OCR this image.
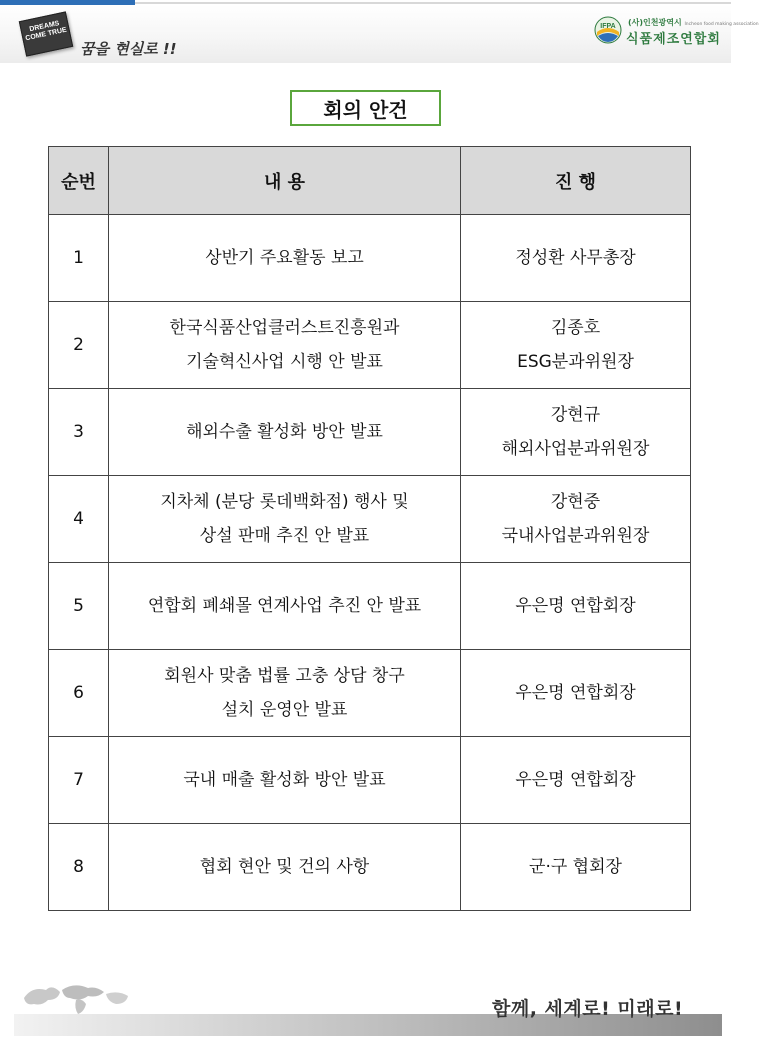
DREAMS COME TRUE
꿈을 현실로 !!
IFPA (사)인천광역시 Incheon food making association
식품제조연합회
회의 안건
순번	내 용	진 행
1	상반기 주요활동 보고	정성환 사무총장

2	한국식품산업클러스트진흥원과
기술혁신사업 시행 안 발표	김종호
ESG분과위원장

3	해외수출 활성화 방안 발표	강현규
해외사업분과위원장

4	지차체 (분당 롯데백화점) 행사 및
상설 판매 추진 안 발표	강현중
국내사업분과위원장

5	연합회 폐쇄몰 연계사업 추진 안 발표	우은명 연합회장

6	회원사 맞춤 법률 고충 상담 창구
설치 운영안 발표	우은명 연합회장

7	국내 매출 활성화 방안 발표	우은명 연합회장

8	협회 현안 및 건의 사항	군·구 협회장
함께, 세계로! 미래로!
